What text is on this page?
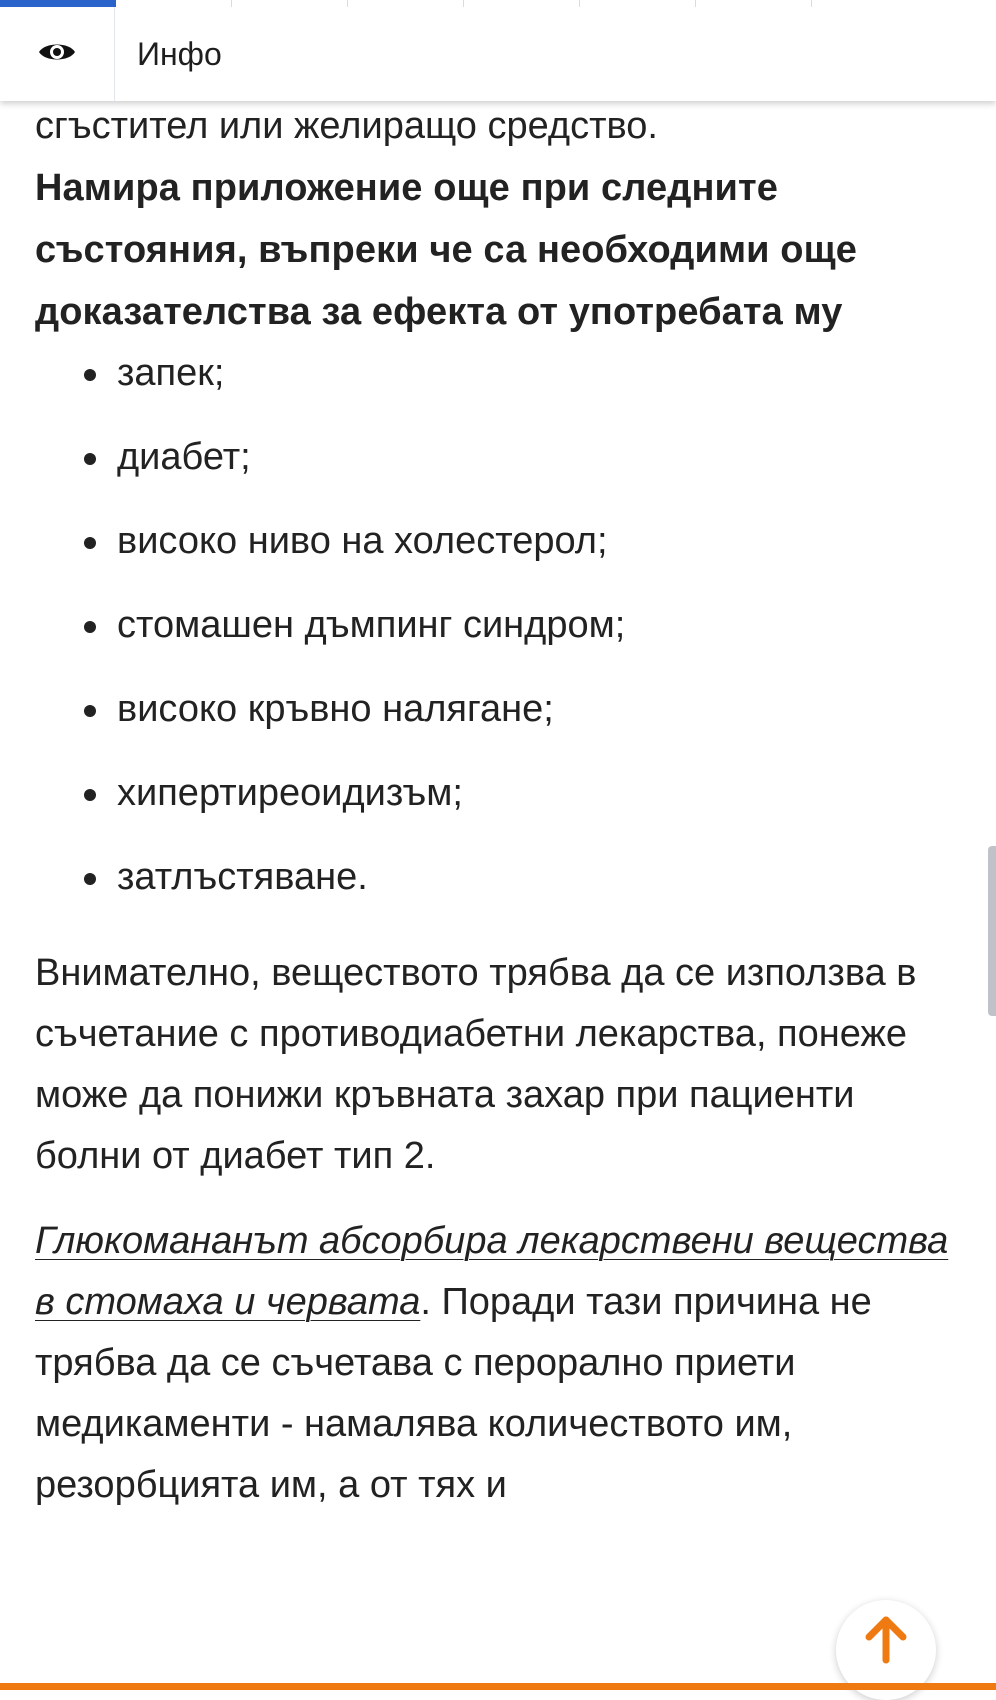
Инфо

сгъстител или желиращо средство.

Намира приложение още при следните състояния, въпреки че са необходими още доказателства за ефекта от употребата му

запек;
диабет;
високо ниво на холестерол;
стомашен дъмпинг синдром;
високо кръвно налягане;
хипертиреоидизъм;
затлъстяване.

Внимателно, веществото трябва да се използва в съчетание с противодиабетни лекарства, понеже може да понижи кръвната захар при пациенти болни от диабет тип 2.

Глюкомананът абсорбира лекарствени вещества в стомаха и червата. Поради тази причина не трябва да се съчетава с перорално приети медикаменти - намалява количеството им, резорбцията им, а от тях и
